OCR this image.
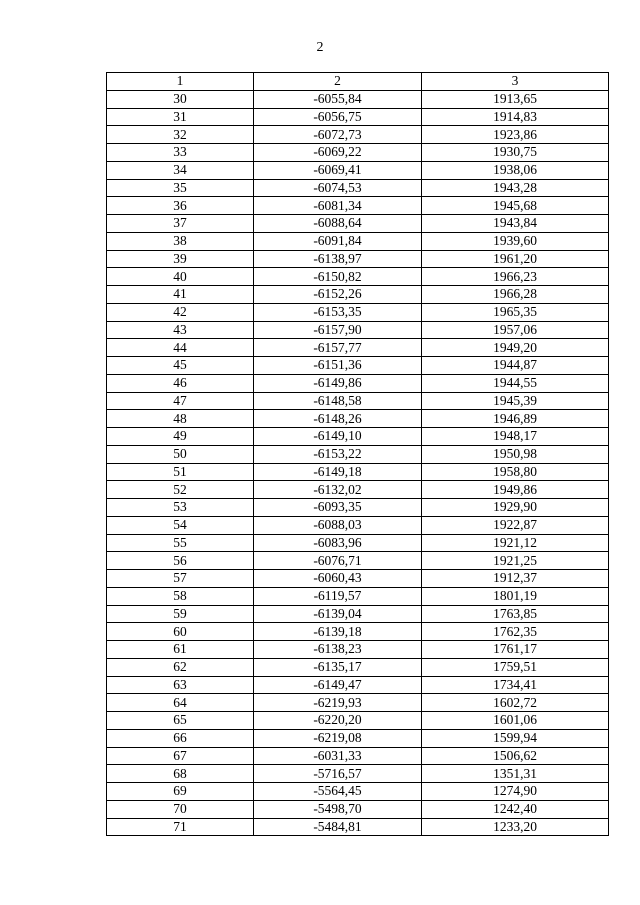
2
1	2	3
30	-6055,84	1913,65
31	-6056,75	1914,83
32	-6072,73	1923,86
33	-6069,22	1930,75
34	-6069,41	1938,06
35	-6074,53	1943,28
36	-6081,34	1945,68
37	-6088,64	1943,84
38	-6091,84	1939,60
39	-6138,97	1961,20
40	-6150,82	1966,23
41	-6152,26	1966,28
42	-6153,35	1965,35
43	-6157,90	1957,06
44	-6157,77	1949,20
45	-6151,36	1944,87
46	-6149,86	1944,55
47	-6148,58	1945,39
48	-6148,26	1946,89
49	-6149,10	1948,17
50	-6153,22	1950,98
51	-6149,18	1958,80
52	-6132,02	1949,86
53	-6093,35	1929,90
54	-6088,03	1922,87
55	-6083,96	1921,12
56	-6076,71	1921,25
57	-6060,43	1912,37
58	-6119,57	1801,19
59	-6139,04	1763,85
60	-6139,18	1762,35
61	-6138,23	1761,17
62	-6135,17	1759,51
63	-6149,47	1734,41
64	-6219,93	1602,72
65	-6220,20	1601,06
66	-6219,08	1599,94
67	-6031,33	1506,62
68	-5716,57	1351,31
69	-5564,45	1274,90
70	-5498,70	1242,40
71	-5484,81	1233,20
